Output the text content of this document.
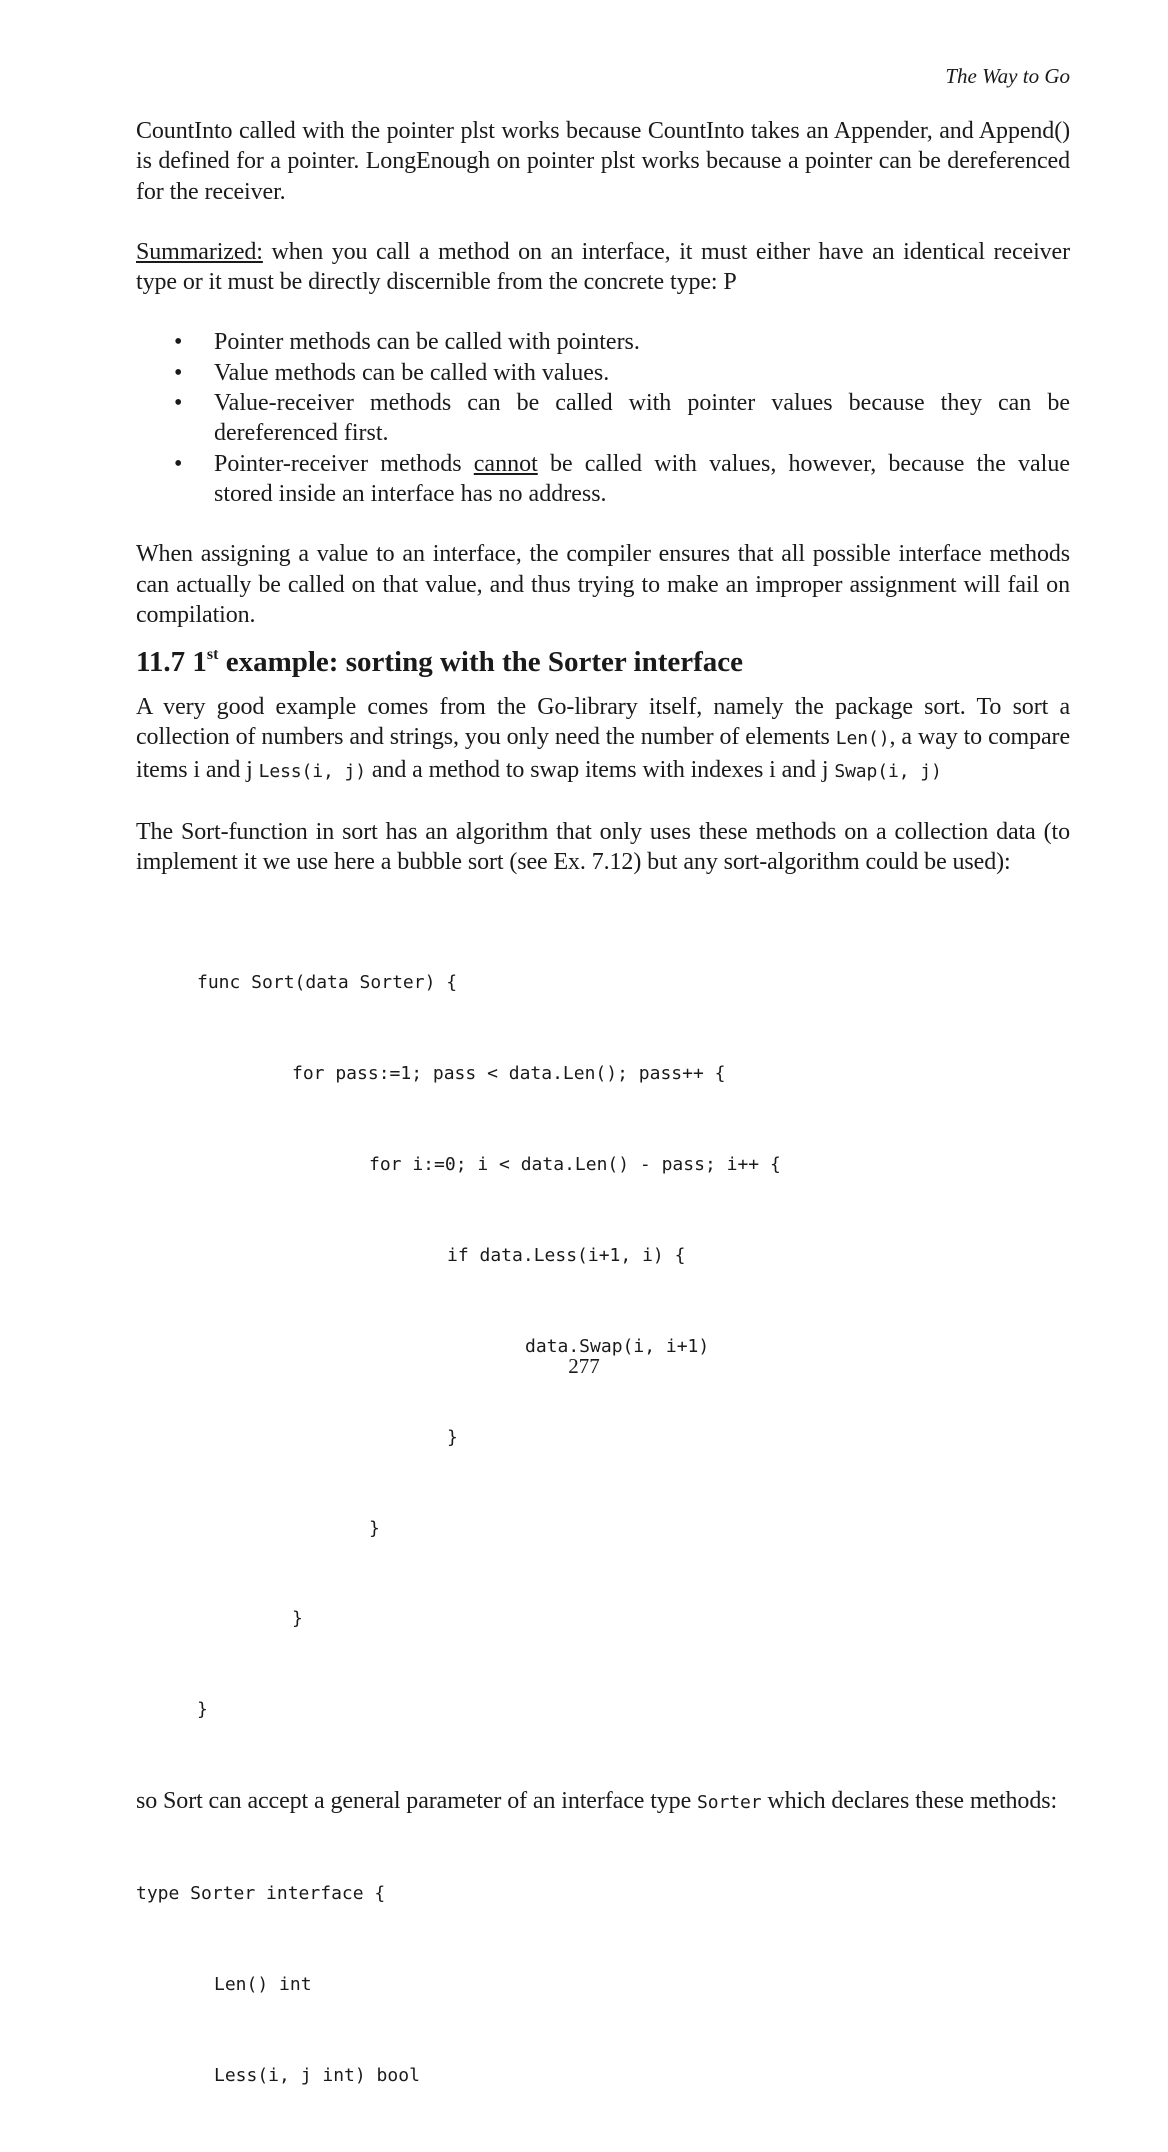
The Way to Go

CountInto called with the pointer plst works because CountInto takes an Appender, and Append() is defined for a pointer. LongEnough on pointer plst works because a pointer can be dereferenced for the receiver.

Summarized: when you call a method on an interface, it must either have an identical receiver type or it must be directly discernible from the concrete type: P

• Pointer methods can be called with pointers.
• Value methods can be called with values.
• Value-receiver methods can be called with pointer values because they can be dereferenced first.
• Pointer-receiver methods cannot be called with values, however, because the value stored inside an interface has no address.

When assigning a value to an interface, the compiler ensures that all possible interface methods can actually be called on that value, and thus trying to make an improper assignment will fail on compilation.

11.7 1st example: sorting with the Sorter interface

A very good example comes from the Go-library itself, namely the package sort. To sort a collection of numbers and strings, you only need the number of elements Len(), a way to compare items i and j Less(i, j) and a method to swap items with indexes i and j Swap(i, j)

The Sort-function in sort has an algorithm that only uses these methods on a collection data (to implement it we use here a bubble sort (see Ex. 7.12) but any sort-algorithm could be used):

func Sort(data Sorter) {

for pass:=1; pass < data.Len(); pass++ {

for i:=0; i < data.Len() - pass; i++ {

if data.Less(i+1, i) {

data.Swap(i, i+1)

}

}

}

}

so Sort can accept a general parameter of an interface type Sorter which declares these methods:

type Sorter interface {

Len() int

Less(i, j int) bool

277
